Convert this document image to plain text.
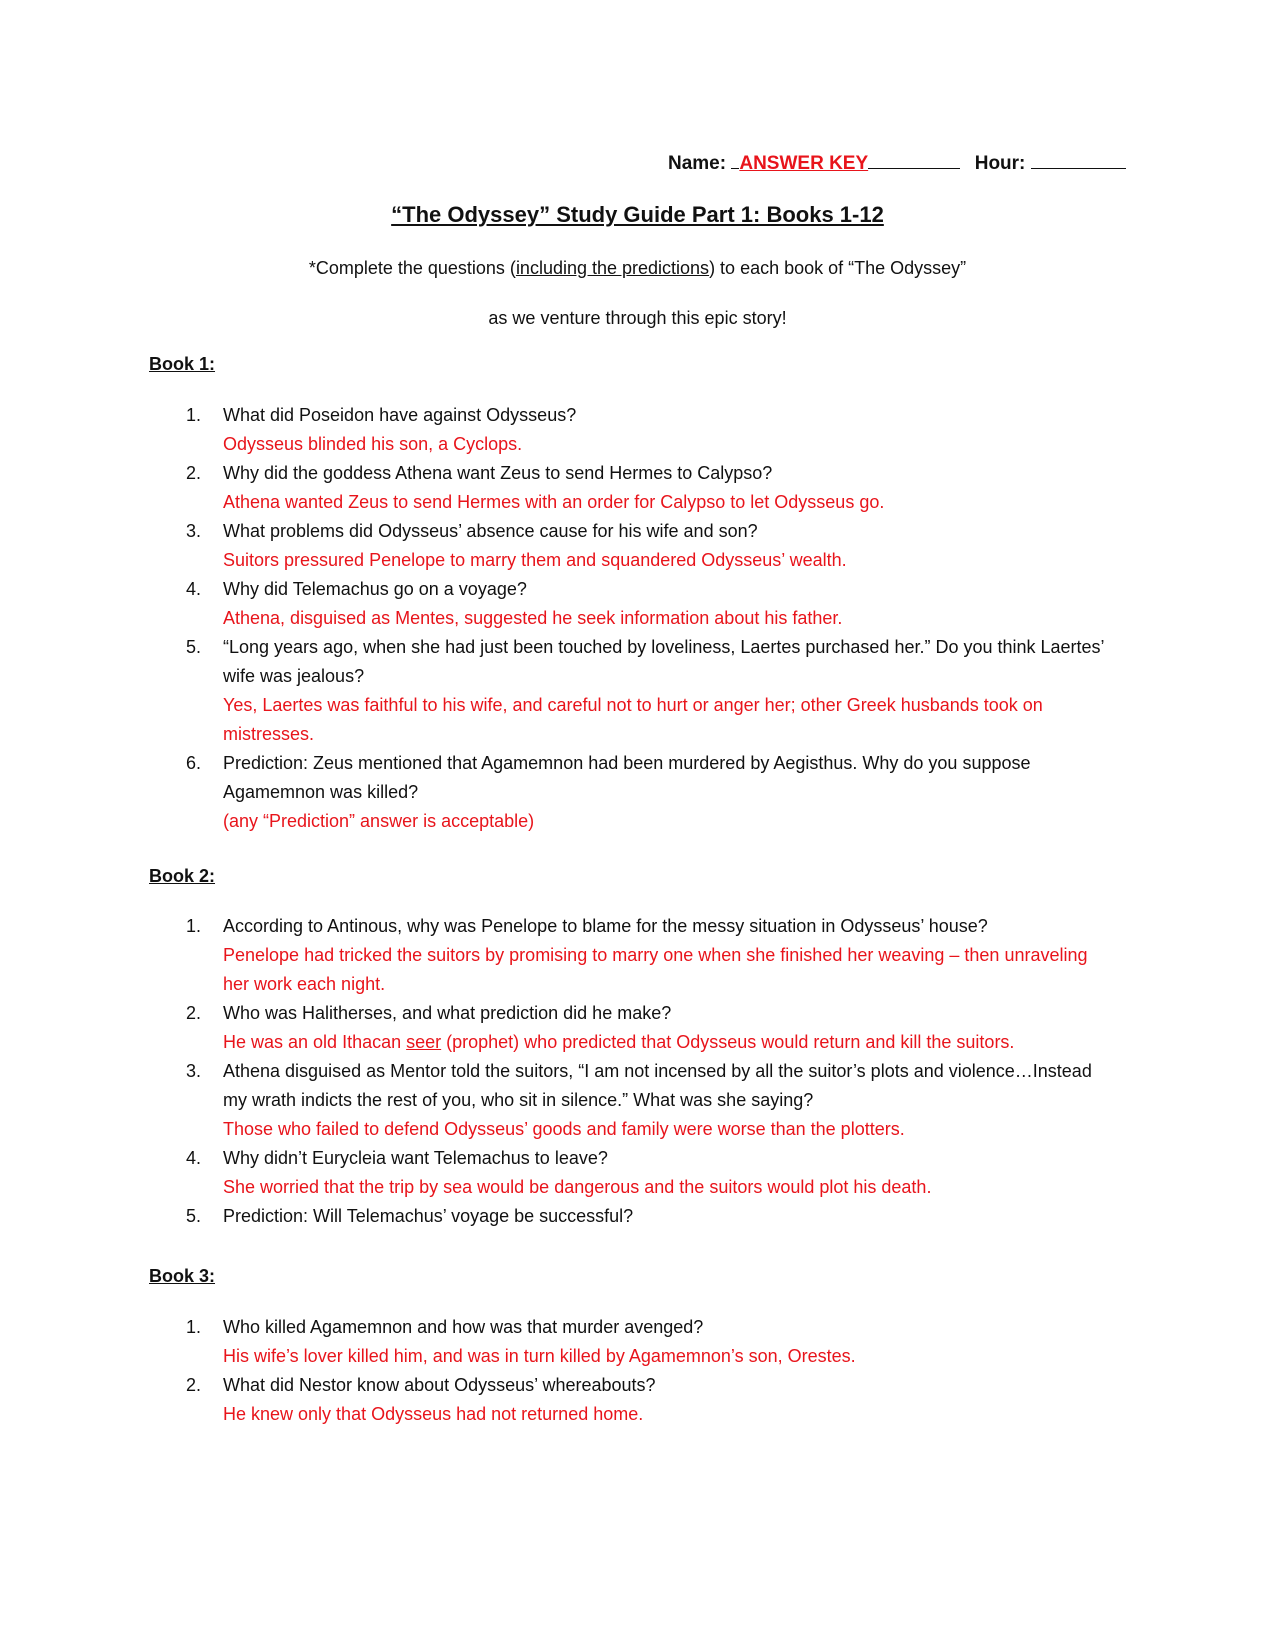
Name: ANSWER KEY	Hour:
“The Odyssey” Study Guide Part 1: Books 1-12
*Complete the questions (including the predictions) to each book of “The Odyssey”
as we venture through this epic story!
Book 1:
1. What did Poseidon have against Odysseus?
Odysseus blinded his son, a Cyclops.
2. Why did the goddess Athena want Zeus to send Hermes to Calypso?
Athena wanted Zeus to send Hermes with an order for Calypso to let Odysseus go.
3. What problems did Odysseus’ absence cause for his wife and son?
Suitors pressured Penelope to marry them and squandered Odysseus’ wealth.
4. Why did Telemachus go on a voyage?
Athena, disguised as Mentes, suggested he seek information about his father.
5. “Long years ago, when she had just been touched by loveliness, Laertes purchased her.” Do you think Laertes’ wife was jealous?
Yes, Laertes was faithful to his wife, and careful not to hurt or anger her; other Greek husbands took on mistresses.
6. Prediction: Zeus mentioned that Agamemnon had been murdered by Aegisthus. Why do you suppose Agamemnon was killed?
(any “Prediction” answer is acceptable)
Book 2:
1. According to Antinous, why was Penelope to blame for the messy situation in Odysseus’ house?
Penelope had tricked the suitors by promising to marry one when she finished her weaving – then unraveling her work each night.
2. Who was Halitherses, and what prediction did he make?
He was an old Ithacan seer (prophet) who predicted that Odysseus would return and kill the suitors.
3. Athena disguised as Mentor told the suitors, “I am not incensed by all the suitor’s plots and violence…Instead my wrath indicts the rest of you, who sit in silence.” What was she saying?
Those who failed to defend Odysseus’ goods and family were worse than the plotters.
4. Why didn’t Eurycleia want Telemachus to leave?
She worried that the trip by sea would be dangerous and the suitors would plot his death.
5. Prediction: Will Telemachus’ voyage be successful?
Book 3:
1. Who killed Agamemnon and how was that murder avenged?
His wife’s lover killed him, and was in turn killed by Agamemnon’s son, Orestes.
2. What did Nestor know about Odysseus’ whereabouts?
He knew only that Odysseus had not returned home.
